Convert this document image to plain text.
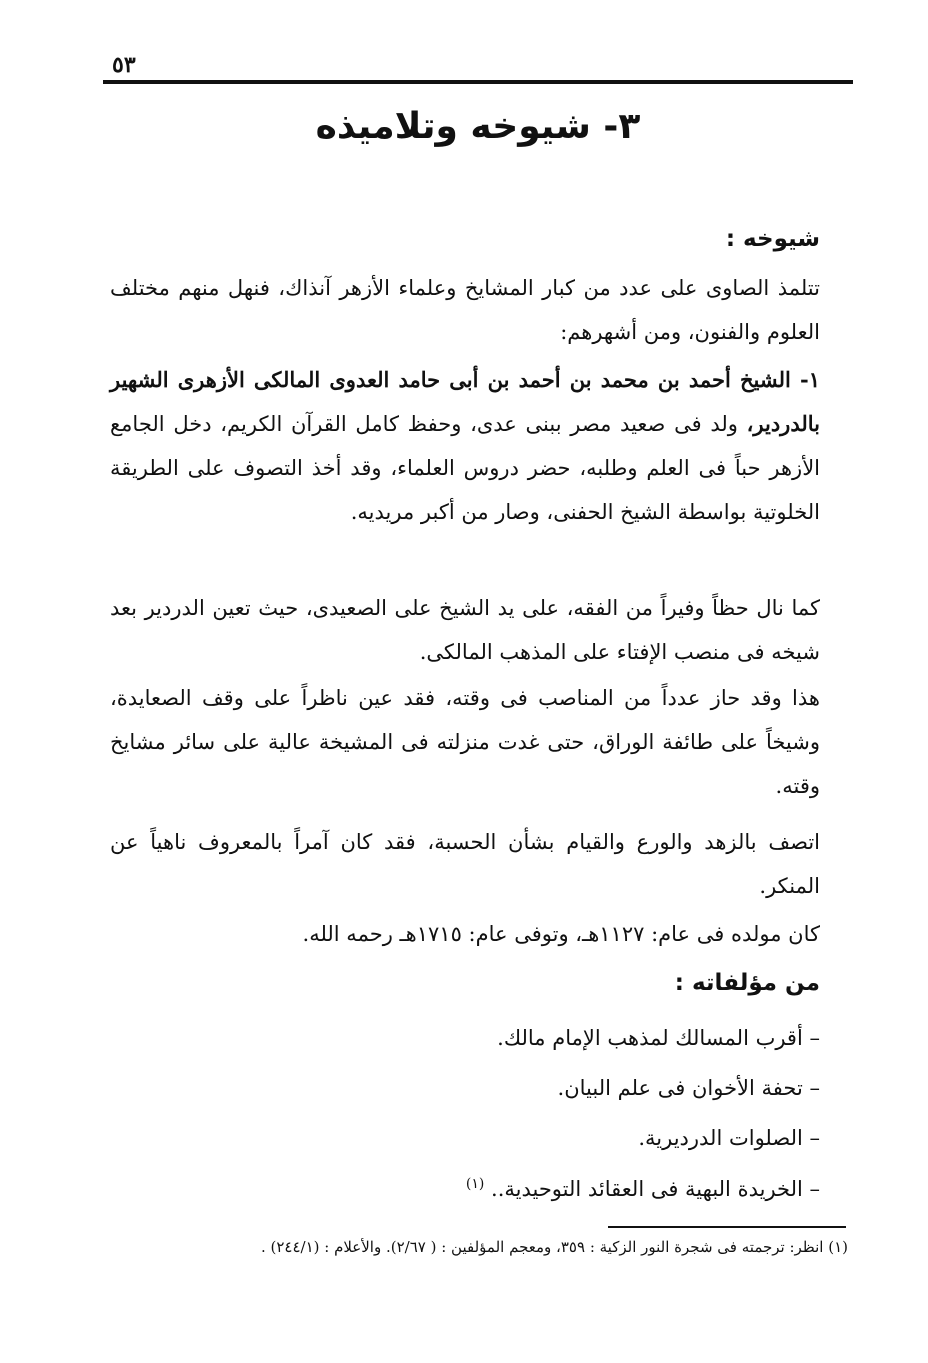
٥٣
٣- شيوخه وتلاميذه
شيوخه :
تتلمذ الصاوى على عدد من كبار المشايخ وعلماء الأزهر آنذاك، فنهل منهم مختلف العلوم والفنون، ومن أشهرهم:
١- الشيخ أحمد بن محمد بن أحمد بن أبى حامد العدوى المالكى الأزهرى الشهير بالدردير، ولد فى صعيد مصر ببنى عدى، وحفظ كامل القرآن الكريم، دخل الجامع الأزهر حباً فى العلم وطلبه، حضر دروس العلماء، وقد أخذ التصوف على الطريقة الخلوتية بواسطة الشيخ الحفنى، وصار من أكبر مريديه.
كما نال حظاً وفيراً من الفقه، على يد الشيخ على الصعيدى، حيث تعين الدردير بعد شيخه فى منصب الإفتاء على المذهب المالكى.
هذا وقد حاز عدداً من المناصب فى وقته، فقد عين ناظراً على وقف الصعايدة، وشيخاً على طائفة الوراق، حتى غدت منزلته فى المشيخة عالية على سائر مشايخ وقته.
اتصف بالزهد والورع والقيام بشأن الحسبة، فقد كان آمراً بالمعروف ناهياً عن المنكر.
كان مولده فى عام: ١١٢٧هـ، وتوفى عام: ١٧١٥هـ رحمه الله.
من مؤلفاته :
– أقرب المسالك لمذهب الإمام مالك.
– تحفة الأخوان فى علم البيان.
– الصلوات الدرديرية.
– الخريدة البهية فى العقائد التوحيدية.. $^{(١)}$
(١) انظر: ترجمته فى شجرة النور الزكية : ٣٥٩، ومعجم المؤلفين : ( ٢/٦٧). والأعلام : (٢٤٤/١) .
